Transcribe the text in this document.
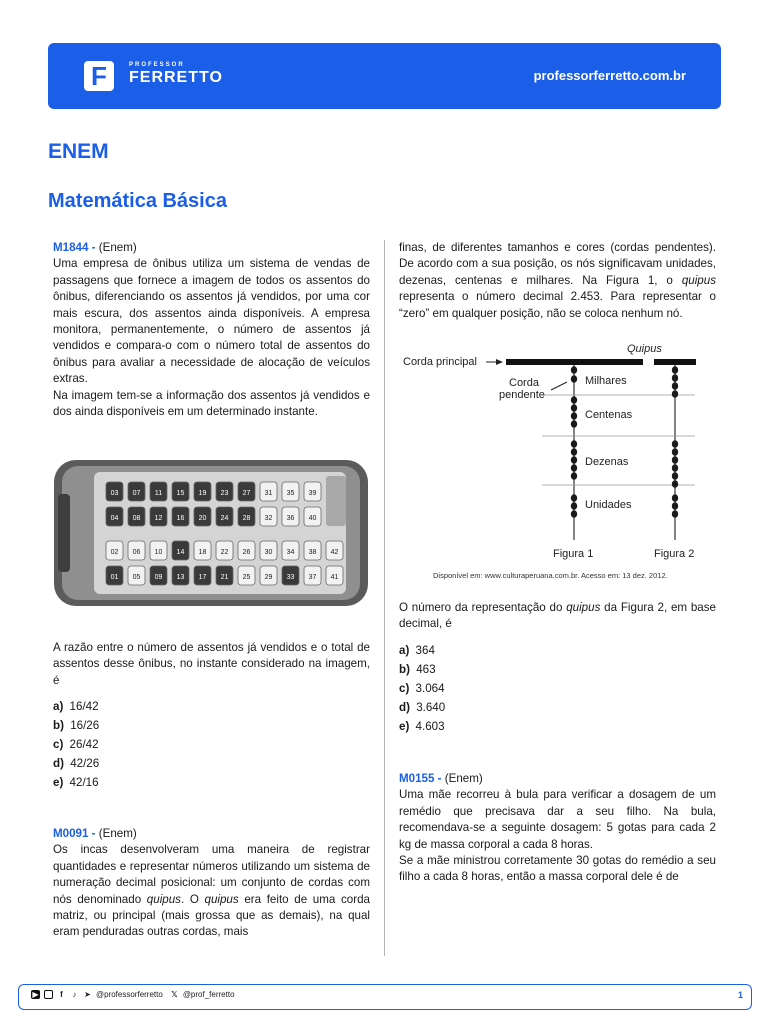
F	PROFESSOR
FERRETTO	professorferretto.com.br
ENEM
Matemática Básica

M1844 - (Enem)

Uma empresa de ônibus utiliza um sistema de vendas de passagens que fornece a imagem de todos os assentos do ônibus, diferenciando os assentos já vendidos, por uma cor mais escura, dos assentos ainda disponíveis. A empresa monitora, permanentemente, o número de assentos já vendidos e compara-o com o número total de assentos do ônibus para avaliar a necessidade de alocação de veículos extras.

Na imagem tem-se a informação dos assentos já vendidos e dos ainda disponíveis em um determinado instante.

03 07 11 15 19 23 27 31 35 39
04 08 12 16 20 24 28 32 36 40
02 06 10 14 18 22 26 30 34 38 42
01 05 09 13 17 21 25 29 33 37 41

A razão entre o número de assentos já vendidos e o total de assentos desse ônibus, no instante considerado na imagem, é

a) 16/42
b) 16/26
c) 26/42
d) 42/26
e) 42/16

M0091 - (Enem)

Os incas desenvolveram uma maneira de registrar quantidades e representar números utilizando um sistema de numeração decimal posicional: um conjunto de cordas com nós denominado quipus. O quipus era feito de uma corda matriz, ou principal (mais grossa que as demais), na qual eram penduradas outras cordas, mais

finas, de diferentes tamanhos e cores (cordas pendentes). De acordo com a sua posição, os nós significavam unidades, dezenas, centenas e milhares. Na Figura 1, o quipus representa o número decimal 2.453. Para representar o “zero” em qualquer posição, não se coloca nenhum nó.

Corda principal
Quipus
Corda
pendente
Milhares
Centenas
Dezenas
Unidades
Figura 1	Figura 2
Disponível em: www.culturaperuana.com.br. Acesso em: 13 dez. 2012.

O número da representação do quipus da Figura 2, em base decimal, é

a) 364
b) 463
c) 3.064
d) 3.640
e) 4.603

M0155 - (Enem)

Uma mãe recorreu à bula para verificar a dosagem de um remédio que precisava dar a seu filho. Na bula, recomendava-se a seguinte dosagem: 5 gotas para cada 2 kg de massa corporal a cada 8 horas.

Se a mãe ministrou corretamente 30 gotas do remédio a seu filho a cada 8 horas, então a massa corporal dele é de

▶	f	♪ ➤ @professorferretto 𝕏 @prof_ferretto	1
